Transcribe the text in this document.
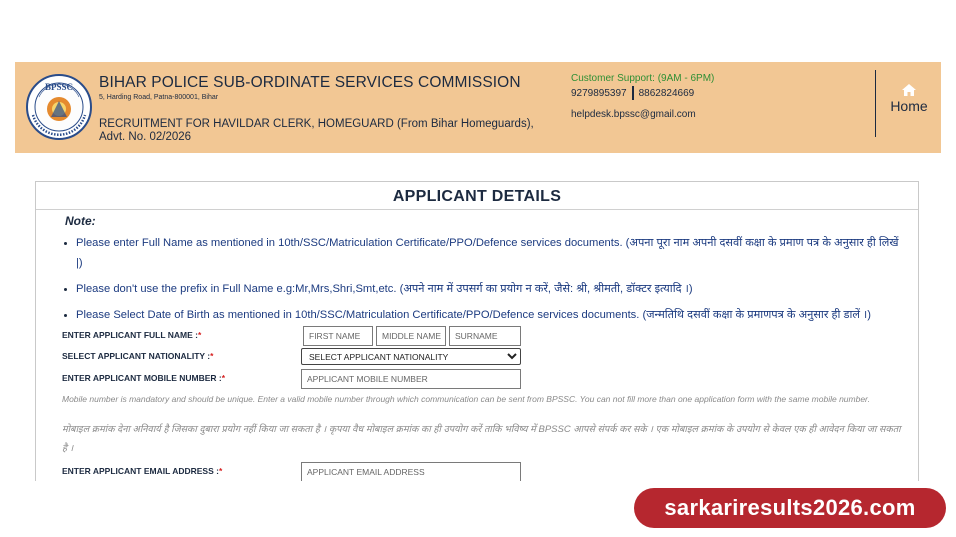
BPSSC BIHAR POLICE SUB-ORDINATE SERVICES COMMISSION
5, Harding Road, Patna-800001, Bihar
RECRUITMENT FOR HAVILDAR CLERK, HOMEGUARD (From Bihar Homeguards),
Advt. No. 02/2026
Customer Support: (9AM - 6PM)
9279895397 8862824669
helpdesk.bpssc@gmail.com
Home
APPLICANT DETAILS
Note:
Please enter Full Name as mentioned in 10th/SSC/Matriculation Certificate/PPO/Defence services documents. (अपना पूरा नाम अपनी दसवीं कक्षा के प्रमाण पत्र के अनुसार ही लिखें |)
Please don't use the prefix in Full Name e.g:Mr,Mrs,Shri,Smt,etc. (अपने नाम में उपसर्ग का प्रयोग न करें, जैसे: श्री, श्रीमती, डॉक्टर इत्यादि ।)
Please Select Date of Birth as mentioned in 10th/SSC/Matriculation Certificate/PPO/Defence services documents. (जन्मतिथि दसवीं कक्षा के प्रमाणपत्र के अनुसार ही डालें ।)
ENTER APPLICANT FULL NAME :*
FIRST NAME
MIDDLE NAME
SURNAME
SELECT APPLICANT NATIONALITY :*
SELECT APPLICANT NATIONALITY
ENTER APPLICANT MOBILE NUMBER :*
APPLICANT MOBILE NUMBER
Mobile number is mandatory and should be unique. Enter a valid mobile number through which communication can be sent from BPSSC. You can not fill more than one application form with the same mobile number.
मोबाइल क्रमांक देना अनिवार्य है जिसका दुबारा प्रयोग नहीं किया जा सकता है । कृपया वैध मोबाइल क्रमांक का ही उपयोग करें ताकि भविष्य में BPSSC आपसे संपर्क कर सके । एक मोबाइल क्रमांक के उपयोग से केवल एक ही आवेदन किया जा सकता है ।
ENTER APPLICANT EMAIL ADDRESS :*
APPLICANT EMAIL ADDRESS
sarkariresults2026.com
